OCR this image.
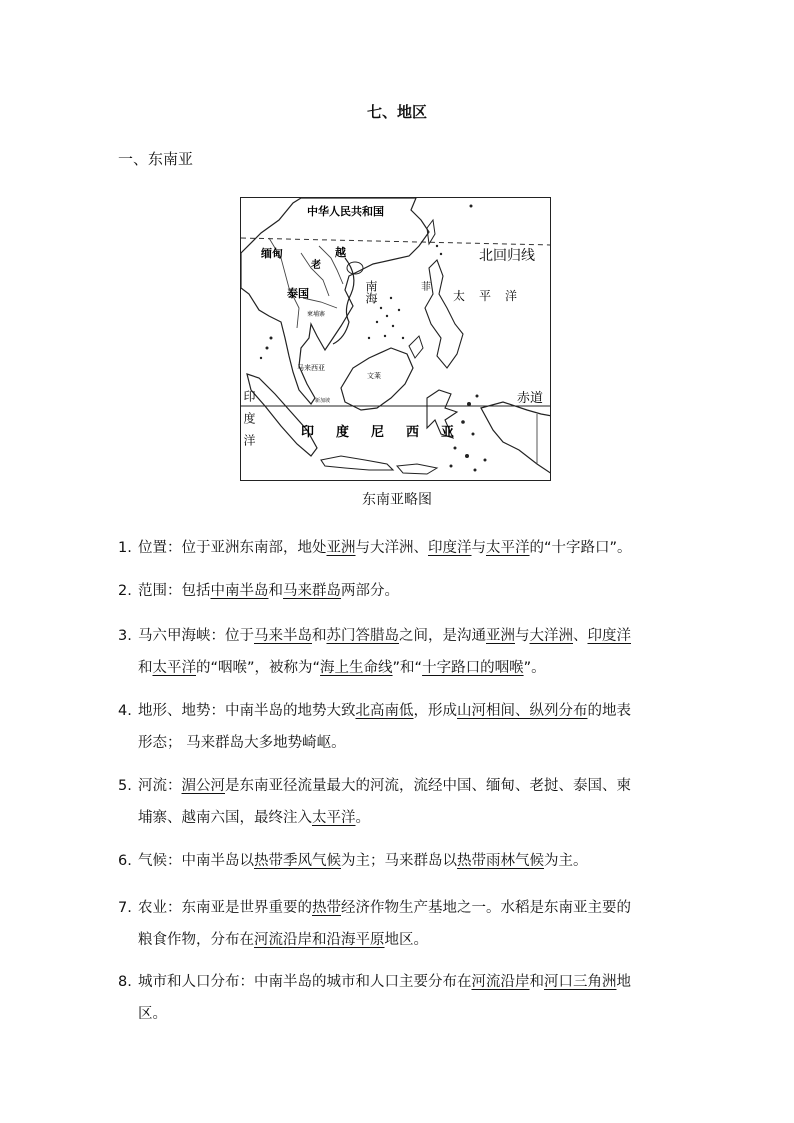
七、地区
一、东南亚
中华人民共和国
北回归线
赤道
缅甸
老
越
泰国
柬埔寨
马来西亚
新加坡
文莱
菲
南海	太平洋
印度尼西亚
印度洋
东南亚略图
1. 位置：位于亚洲东南部，地处亚洲与大洋洲、印度洋与太平洋的“十字路口”。
2. 范围：包括中南半岛和马来群岛两部分。
3. 马六甲海峡：位于马来半岛和苏门答腊岛之间，是沟通亚洲与大洋洲、印度洋
和太平洋的“咽喉”，被称为“海上生命线”和“十字路口的咽喉”。
4. 地形、地势：中南半岛的地势大致北高南低，形成山河相间、纵列分布的地表
形态； 马来群岛大多地势崎岖。
5. 河流：湄公河是东南亚径流量最大的河流，流经中国、缅甸、老挝、泰国、柬
埔寨、越南六国，最终注入太平洋。
6. 气候：中南半岛以热带季风气候为主；马来群岛以热带雨林气候为主。
7. 农业：东南亚是世界重要的热带经济作物生产基地之一。水稻是东南亚主要的
粮食作物，分布在河流沿岸和沿海平原地区。
8. 城市和人口分布：中南半岛的城市和人口主要分布在河流沿岸和河口三角洲地
区。
